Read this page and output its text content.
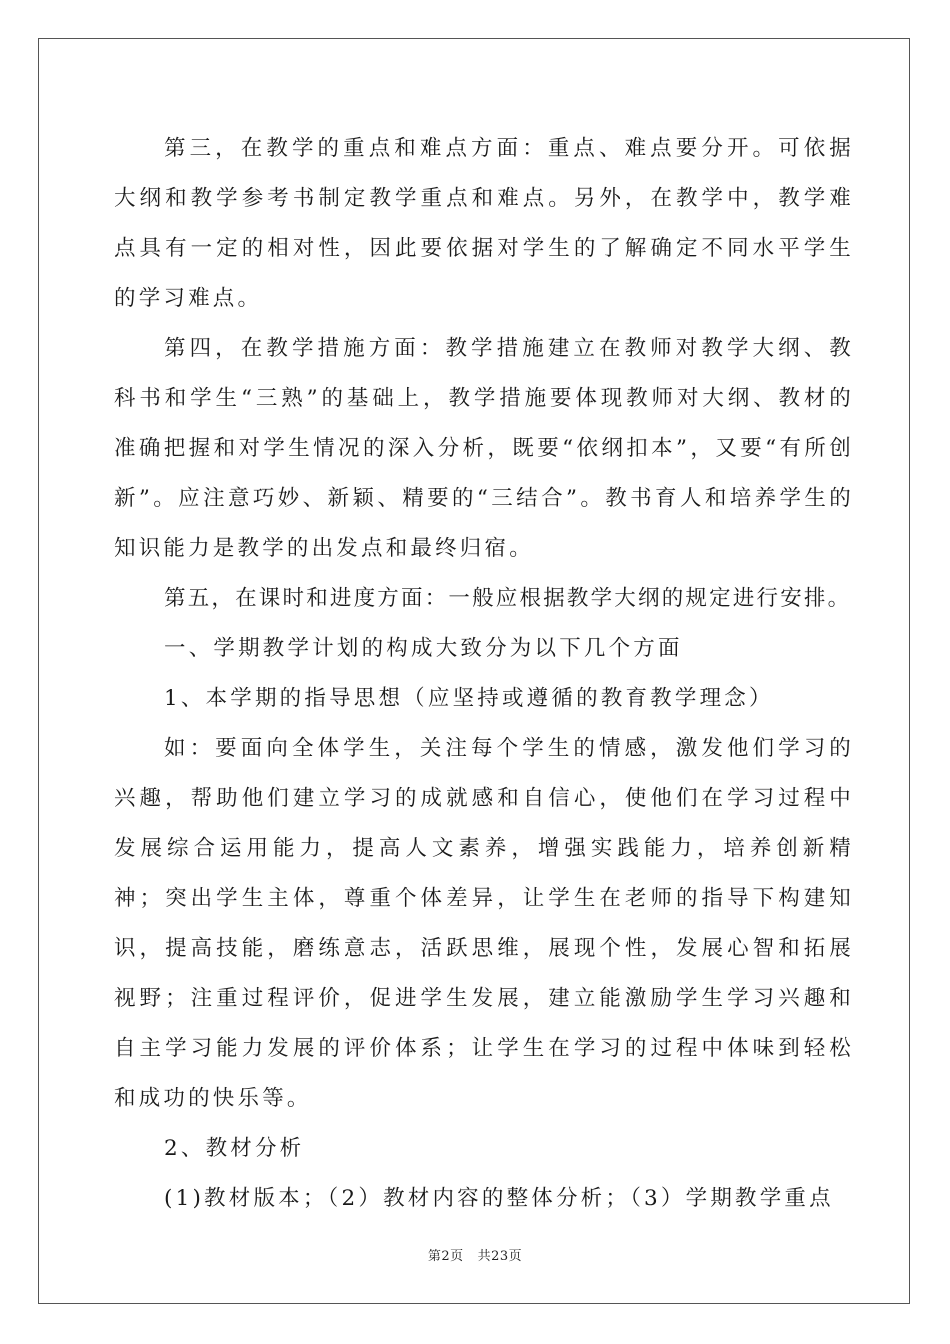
第三，在教学的重点和难点方面：重点、难点要分开。可依据大纲和教学参考书制定教学重点和难点。另外，在教学中，教学难点具有一定的相对性，因此要依据对学生的了解确定不同水平学生的学习难点。

第四，在教学措施方面：教学措施建立在教师对教学大纲、教科书和学生“三熟”的基础上，教学措施要体现教师对大纲、教材的准确把握和对学生情况的深入分析，既要“依纲扣本”，又要“有所创新”。应注意巧妙、新颖、精要的“三结合”。教书育人和培养学生的知识能力是教学的出发点和最终归宿。

第五，在课时和进度方面：一般应根据教学大纲的规定进行安排。

一、学期教学计划的构成大致分为以下几个方面

1、本学期的指导思想（应坚持或遵循的教育教学理念）

如：要面向全体学生，关注每个学生的情感，激发他们学习的兴趣，帮助他们建立学习的成就感和自信心，使他们在学习过程中发展综合运用能力，提高人文素养，增强实践能力，培养创新精神；突出学生主体，尊重个体差异，让学生在老师的指导下构建知识，提高技能，磨练意志，活跃思维，展现个性，发展心智和拓展视野；注重过程评价，促进学生发展，建立能激励学生学习兴趣和自主学习能力发展的评价体系；让学生在学习的过程中体味到轻松和成功的快乐等。

2、教材分析

(1)教材版本；（2）教材内容的整体分析；（3）学期教学重点

第2页 共23页
